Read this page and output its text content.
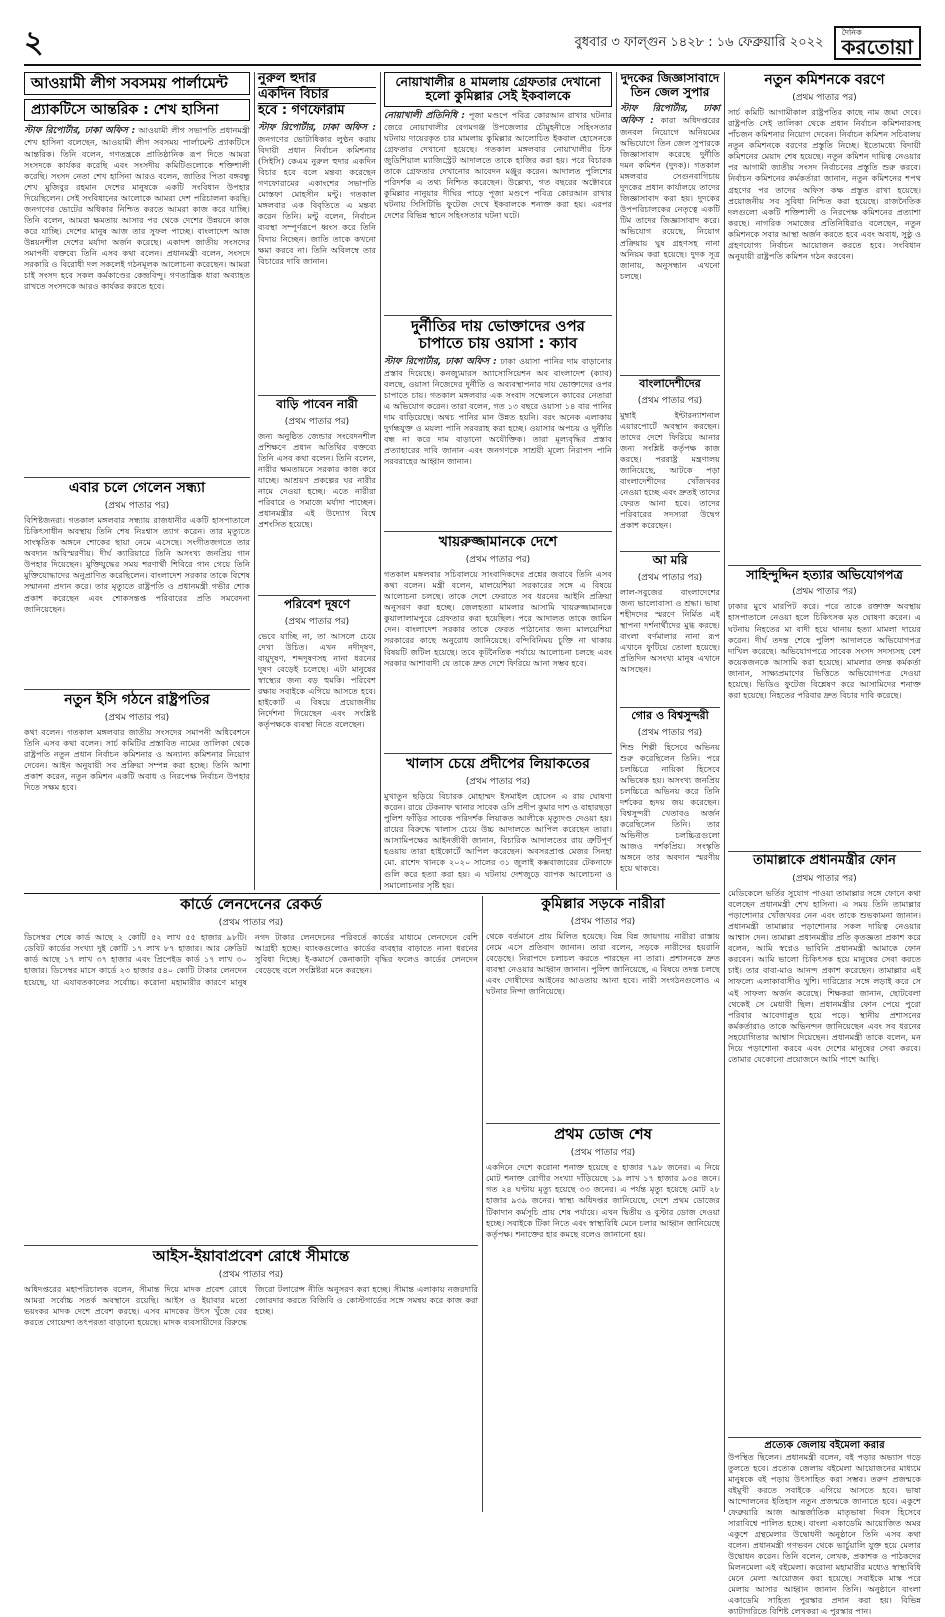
২	বুধবার ৩ ফাল্গুন ১৪২৮ : ১৬ ফেব্রুয়ারি ২০২২
দৈনিক
করতোয়া
আওয়ামী লীগ সবসময় পার্লামেন্ট
প্র্যাকটিসে আন্তরিক : শেখ হাসিনা
স্টাফ রিপোর্টার, ঢাকা অফিস : আওয়ামী লীগ সভাপতি প্রধানমন্ত্রী শেখ হাসিনা বলেছেন, আওয়ামী লীগ সবসময় পার্লামেন্ট প্র্যাকটিসে আন্তরিক। তিনি বলেন, গণতন্ত্রকে প্রাতিষ্ঠানিক রূপ দিতে আমরা সংসদকে কার্যকর করেছি এবং সংসদীয় কমিটিগুলোকে শক্তিশালী করেছি। সংসদ নেতা শেখ হাসিনা আরও বলেন, জাতির পিতা বঙ্গবন্ধু শেখ মুজিবুর রহমান দেশের মানুষকে একটি সংবিধান উপহার দিয়েছিলেন। সেই সংবিধানের আলোকে আমরা দেশ পরিচালনা করছি। জনগণের ভোটের অধিকার নিশ্চিত করতে আমরা কাজ করে যাচ্ছি। তিনি বলেন, আমরা ক্ষমতায় আসার পর থেকে দেশের উন্নয়নে কাজ করে যাচ্ছি। দেশের মানুষ আজ তার সুফল পাচ্ছে। বাংলাদেশ আজ উন্নয়নশীল দেশের মর্যাদা অর্জন করেছে। একাদশ জাতীয় সংসদের সমাপনী বক্তব্যে তিনি এসব কথা বলেন। প্রধানমন্ত্রী বলেন, সংসদে সরকারি ও বিরোধী দল সকলেই গঠনমূলক আলোচনা করেছেন। আমরা চাই সংসদ হবে সকল কর্মকাণ্ডের কেন্দ্রবিন্দু। গণতান্ত্রিক ধারা অব্যাহত রাখতে সংসদকে আরও কার্যকর করতে হবে।
এবার চলে গেলেন সন্ধ্যা
(প্রথম পাতার পর)
বিশিষ্টজনরা। গতকাল মঙ্গলবার সন্ধ্যায় রাজধানীর একটি হাসপাতালে চিকিৎসাধীন অবস্থায় তিনি শেষ নিঃশ্বাস ত্যাগ করেন। তার মৃত্যুতে সাংস্কৃতিক অঙ্গনে শোকের ছায়া নেমে এসেছে। সংগীতজগতে তার অবদান অবিস্মরণীয়। দীর্ঘ ক্যারিয়ারে তিনি অসংখ্য জনপ্রিয় গান উপহার দিয়েছেন। মুক্তিযুদ্ধের সময় শরণার্থী শিবিরে গান গেয়ে তিনি মুক্তিযোদ্ধাদের অনুপ্রাণিত করেছিলেন। বাংলাদেশ সরকার তাকে বিশেষ সম্মাননা প্রদান করে। তার মৃত্যুতে রাষ্ট্রপতি ও প্রধানমন্ত্রী গভীর শোক প্রকাশ করেছেন এবং শোকসন্তপ্ত পরিবারের প্রতি সমবেদনা জানিয়েছেন।
নতুন ইসি গঠনে রাষ্ট্রপতির
(প্রথম পাতার পর)
কথা বলেন। গতকাল মঙ্গলবার জাতীয় সংসদের সমাপনী অধিবেশনে তিনি এসব কথা বলেন। সার্চ কমিটির প্রস্তাবিত নামের তালিকা থেকে রাষ্ট্রপতি নতুন প্রধান নির্বাচন কমিশনার ও অন্যান্য কমিশনার নিয়োগ দেবেন। আইন অনুযায়ী সব প্রক্রিয়া সম্পন্ন করা হচ্ছে। তিনি আশা প্রকাশ করেন, নতুন কমিশন একটি অবাধ ও নিরপেক্ষ নির্বাচন উপহার দিতে সক্ষম হবে।
নুরুল হুদার
একদিন বিচার
হবে : গণফোরাম
স্টাফ রিপোর্টার, ঢাকা অফিস : জনগণের ভোটাধিকার লুণ্ঠন করায় বিদায়ী প্রধান নির্বাচন কমিশনার (সিইসি) কেএম নুরুল হুদার একদিন বিচার হবে বলে মন্তব্য করেছেন গণফোরামের একাংশের সভাপতি মোস্তফা মোহসীন মন্টু। গতকাল মঙ্গলবার এক বিবৃতিতে এ মন্তব্য করেন তিনি। মন্টু বলেন, নির্বাচন ব্যবস্থা সম্পূর্ণরূপে ধ্বংস করে তিনি বিদায় নিচ্ছেন। জাতি তাকে কখনো ক্ষমা করবে না। তিনি অবিলম্বে তার বিচারের দাবি জানান।
বাড়ি পাবেন নারী
(প্রথম পাতার পর)
জন্য অনুষ্ঠিত জেন্ডার সংবেদনশীল প্রশিক্ষণে প্রধান অতিথির বক্তব্যে তিনি এসব কথা বলেন। তিনি বলেন, নারীর ক্ষমতায়নে সরকার কাজ করে যাচ্ছে। আশ্রয়ণ প্রকল্পের ঘর নারীর নামে দেওয়া হচ্ছে। এতে নারীরা পরিবারে ও সমাজে মর্যাদা পাচ্ছেন। প্রধানমন্ত্রীর এই উদ্যোগ বিশ্বে প্রশংসিত হয়েছে।
পরিবেশ দূষণে
(প্রথম পাতার পর)
ভেবে যাচ্ছি না, তা আসলে চেয়ে দেখা উচিত। এখন নদীদূষণ, বায়ুদূষণ, শব্দদূষণসহ নানা ধরনের দূষণ বেড়েই চলেছে। এটা মানুষের স্বাস্থ্যের জন্য বড় হুমকি। পরিবেশ রক্ষায় সবাইকে এগিয়ে আসতে হবে। হাইকোর্ট এ বিষয়ে প্রয়োজনীয় নির্দেশনা দিয়েছেন এবং সংশ্লিষ্ট কর্তৃপক্ষকে ব্যবস্থা নিতে বলেছেন।
নোয়াখালীর ৪ মামলায় গ্রেফতার দেখানো
হলো কুমিল্লার সেই ইকবালকে
নোয়াখালী প্রতিনিধি : পূজা মণ্ডপে পবিত্র কোরআন রাখার ঘটনার জেরে নোয়াখালীর বেগমগঞ্জ উপজেলার চৌমুহনীতে সহিংসতার ঘটনায় দায়েরকৃত চার মামলায় কুমিল্লার আলোচিত ইকবাল হোসেনকে গ্রেফতার দেখানো হয়েছে। গতকাল মঙ্গলবার নোয়াখালীর চিফ জুডিশিয়াল ম্যাজিস্ট্রেট আদালতে তাকে হাজির করা হয়। পরে বিচারক তাকে গ্রেফতার দেখানোর আবেদন মঞ্জুর করেন। আদালত পুলিশের পরিদর্শক এ তথ্য নিশ্চিত করেছেন। উল্লেখ্য, গত বছরের অক্টোবরে কুমিল্লার নানুয়ার দীঘির পাড়ে পূজা মণ্ডপে পবিত্র কোরআন রাখার ঘটনায় সিসিটিভি ফুটেজ দেখে ইকবালকে শনাক্ত করা হয়। এরপর দেশের বিভিন্ন স্থানে সহিংসতার ঘটনা ঘটে।
দুর্নীতির দায় ভোক্তাদের ওপর
চাপাতে চায় ওয়াসা : ক্যাব
স্টাফ রিপোর্টার, ঢাকা অফিস : ঢাকা ওয়াসা পানির দাম বাড়ানোর প্রস্তাব দিয়েছে। কনজ্যুমারস অ্যাসোসিয়েশন অব বাংলাদেশ (ক্যাব) বলছে, ওয়াসা নিজেদের দুর্নীতি ও অব্যবস্থাপনার দায় ভোক্তাদের ওপর চাপাতে চায়। গতকাল মঙ্গলবার এক সংবাদ সম্মেলনে ক্যাবের নেতারা এ অভিযোগ করেন। তারা বলেন, গত ১৩ বছরে ওয়াসা ১৪ বার পানির দাম বাড়িয়েছে। অথচ পানির মান উন্নত হয়নি। বরং অনেক এলাকায় দুর্গন্ধযুক্ত ও ময়লা পানি সরবরাহ করা হচ্ছে। ওয়াসার অপচয় ও দুর্নীতি বন্ধ না করে দাম বাড়ানো অযৌক্তিক। তারা মূল্যবৃদ্ধির প্রস্তাব প্রত্যাহারের দাবি জানান এবং জনগণকে সাশ্রয়ী মূল্যে নিরাপদ পানি সরবরাহের আহ্বান জানান।
খায়রুজ্জামানকে দেশে
(প্রথম পাতার পর)
গতকাল মঙ্গলবার সচিবালয়ে সাংবাদিকদের প্রশ্নের জবাবে তিনি এসব কথা বলেন। মন্ত্রী বলেন, মালয়েশিয়া সরকারের সঙ্গে এ বিষয়ে আলোচনা চলছে। তাকে দেশে ফেরাতে সব ধরনের আইনি প্রক্রিয়া অনুসরণ করা হচ্ছে। জেলহত্যা মামলার আসামি খায়রুজ্জামানকে কুয়ালালামপুরে গ্রেফতার করা হয়েছিল। পরে আদালত তাকে জামিন দেন। বাংলাদেশ সরকার তাকে ফেরত পাঠানোর জন্য মালয়েশিয়া সরকারের কাছে অনুরোধ জানিয়েছে। বন্দিবিনিময় চুক্তি না থাকায় বিষয়টি জটিল হয়েছে। তবে কূটনৈতিক পর্যায়ে আলোচনা চলছে এবং সরকার আশাবাদী যে তাকে দ্রুত দেশে ফিরিয়ে আনা সম্ভব হবে।
খালাস চেয়ে প্রদীপের লিয়াকতের
(প্রথম পাতার পর)
মুখাতুন ছড়িয়ে বিচারক মোহাম্মদ ইসমাইল হোসেন এ রায় ঘোষণা করেন। রায়ে টেকনাফ থানার সাবেক ওসি প্রদীপ কুমার দাশ ও বাহারছড়া পুলিশ ফাঁড়ির সাবেক পরিদর্শক লিয়াকত আলীকে মৃত্যুদণ্ড দেওয়া হয়। রায়ের বিরুদ্ধে খালাস চেয়ে উচ্চ আদালতে আপিল করেছেন তারা। আসামিপক্ষের আইনজীবী জানান, বিচারিক আদালতের রায় ত্রুটিপূর্ণ হওয়ায় তারা হাইকোর্টে আপিল করেছেন। অবসরপ্রাপ্ত মেজর সিনহা মো. রাশেদ খানকে ২০২০ সালের ৩১ জুলাই কক্সবাজারের টেকনাফে গুলি করে হত্যা করা হয়। এ ঘটনায় দেশজুড়ে ব্যাপক আলোচনা ও সমালোচনার সৃষ্টি হয়।
দুদকের জিজ্ঞাসাবাদে
তিন জেল সুপার
স্টাফ রিপোর্টার, ঢাকা অফিস : কারা অধিদপ্তরের জনবল নিয়োগে অনিয়মের অভিযোগে তিন জেল সুপারকে জিজ্ঞাসাবাদ করেছে দুর্নীতি দমন কমিশন (দুদক)। গতকাল মঙ্গলবার সেগুনবাগিচায় দুদকের প্রধান কার্যালয়ে তাদের জিজ্ঞাসাবাদ করা হয়। দুদকের উপপরিচালকের নেতৃত্বে একটি টিম তাদের জিজ্ঞাসাবাদ করে। অভিযোগ রয়েছে, নিয়োগ প্রক্রিয়ায় ঘুষ গ্রহণসহ নানা অনিয়ম করা হয়েছে। দুদক সূত্র জানায়, অনুসন্ধান এখনো চলছে।
বাংলাদেশীদের
(প্রথম পাতার পর)
মুম্বাই ইন্টারন্যাশনাল এয়ারপোর্টে অবস্থান করছেন। তাদের দেশে ফিরিয়ে আনার জন্য সংশ্লিষ্ট কর্তৃপক্ষ কাজ করছে। পররাষ্ট্র মন্ত্রণালয় জানিয়েছে, আটকে পড়া বাংলাদেশীদের খোঁজখবর নেওয়া হচ্ছে এবং দ্রুতই তাদের ফেরত আনা হবে। তাদের পরিবারের সদস্যরা উদ্বেগ প্রকাশ করেছেন।
আ মরি
(প্রথম পাতার পর)
লাল-সবুজের বাংলাদেশের জন্য ভালোবাসা ও শ্রদ্ধা। ভাষা শহীদদের স্মরণে নির্মিত এই স্থাপনা দর্শনার্থীদের মুগ্ধ করছে। বাংলা বর্ণমালার নানা রূপ এখানে ফুটিয়ে তোলা হয়েছে। প্রতিদিন অসংখ্য মানুষ এখানে আসছেন।
গোর ও বিশ্বসুন্দরী
(প্রথম পাতার পর)
শিশু শিল্পী হিসেবে অভিনয় শুরু করেছিলেন তিনি। পরে চলচ্চিত্রে নায়িকা হিসেবে অভিষেক হয়। অসংখ্য জনপ্রিয় চলচ্চিত্রে অভিনয় করে তিনি দর্শকের হৃদয় জয় করেছেন। বিশ্বসুন্দরী খেতাবও অর্জন করেছিলেন তিনি। তার অভিনীত চলচ্চিত্রগুলো আজও দর্শকপ্রিয়। সংস্কৃতি অঙ্গনে তার অবদান স্মরণীয় হয়ে থাকবে।
নতুন কমিশনকে বরণে
(প্রথম পাতার পর)
সার্চ কমিটি আগামীকাল রাষ্ট্রপতির কাছে নাম জমা দেবে। রাষ্ট্রপতি সেই তালিকা থেকে প্রধান নির্বাচন কমিশনারসহ পাঁচজন কমিশনার নিয়োগ দেবেন। নির্বাচন কমিশন সচিবালয় নতুন কমিশনকে বরণের প্রস্তুতি নিচ্ছে। ইতোমধ্যে বিদায়ী কমিশনের মেয়াদ শেষ হয়েছে। নতুন কমিশন দায়িত্ব নেওয়ার পর আগামী জাতীয় সংসদ নির্বাচনের প্রস্তুতি শুরু করবে। নির্বাচন কমিশনের কর্মকর্তারা জানান, নতুন কমিশনের শপথ গ্রহণের পর তাদের অফিস কক্ষ প্রস্তুত রাখা হয়েছে। প্রয়োজনীয় সব সুবিধা নিশ্চিত করা হয়েছে। রাজনৈতিক দলগুলো একটি শক্তিশালী ও নিরপেক্ষ কমিশনের প্রত্যাশা করছে। নাগরিক সমাজের প্রতিনিধিরাও বলেছেন, নতুন কমিশনকে সবার আস্থা অর্জন করতে হবে এবং অবাধ, সুষ্ঠু ও গ্রহণযোগ্য নির্বাচন আয়োজন করতে হবে। সংবিধান অনুযায়ী রাষ্ট্রপতি কমিশন গঠন করবেন।
সাহিন্দুদ্দিন হত্যার অভিযোগপত্র
(প্রথম পাতার পর)
ঢাকার মুখে মারপিট করে। পরে তাকে রক্তাক্ত অবস্থায় হাসপাতালে নেওয়া হলে চিকিৎসক মৃত ঘোষণা করেন। এ ঘটনায় নিহতের মা বাদী হয়ে থানায় হত্যা মামলা দায়ের করেন। দীর্ঘ তদন্ত শেষে পুলিশ আদালতে অভিযোগপত্র দাখিল করেছে। অভিযোগপত্রে সাবেক সংসদ সদস্যসহ বেশ কয়েকজনকে আসামি করা হয়েছে। মামলার তদন্ত কর্মকর্তা জানান, সাক্ষ্যপ্রমাণের ভিত্তিতে অভিযোগপত্র দেওয়া হয়েছে। ভিডিও ফুটেজ বিশ্লেষণ করে আসামিদের শনাক্ত করা হয়েছে। নিহতের পরিবার দ্রুত বিচার দাবি করেছে।
তামাল্লাকে প্রধানমন্ত্রীর ফোন
(প্রথম পাতার পর)
মেডিকেলে ভর্তির সুযোগ পাওয়া তামাল্লার সঙ্গে ফোনে কথা বলেছেন প্রধানমন্ত্রী শেখ হাসিনা। এ সময় তিনি তামাল্লার পড়াশোনার খোঁজখবর নেন এবং তাকে শুভকামনা জানান। প্রধানমন্ত্রী তামাল্লার পড়াশোনার সকল দায়িত্ব নেওয়ার আশ্বাস দেন। তামাল্লা প্রধানমন্ত্রীর প্রতি কৃতজ্ঞতা প্রকাশ করে বলেন, আমি স্বপ্নেও ভাবিনি প্রধানমন্ত্রী আমাকে ফোন করবেন। আমি ভালো চিকিৎসক হয়ে মানুষের সেবা করতে চাই। তার বাবা-মাও আনন্দ প্রকাশ করেছেন। তামাল্লার এই সাফল্যে এলাকাবাসীও খুশি। দারিদ্র্যের সঙ্গে লড়াই করে সে এই সাফল্য অর্জন করেছে। শিক্ষকরা জানান, ছোটবেলা থেকেই সে মেধাবী ছিল। প্রধানমন্ত্রীর ফোন পেয়ে পুরো পরিবার আবেগাপ্লুত হয়ে পড়ে। স্থানীয় প্রশাসনের কর্মকর্তারাও তাকে অভিনন্দন জানিয়েছেন এবং সব ধরনের সহযোগিতার আশ্বাস দিয়েছেন। প্রধানমন্ত্রী তাকে বলেন, মন দিয়ে পড়াশোনা করবে এবং দেশের মানুষের সেবা করবে। তোমার যেকোনো প্রয়োজনে আমি পাশে আছি।
কার্ডে লেনদেনের রেকর্ড
(প্রথম পাতার পর)
ডিসেম্বর শেষে কার্ড আছে ২ কোটি ৫২ লাখ ৫৫ হাজার ৯৮টি। ডেবিট কার্ডের সংখ্যা দুই কোটি ১৭ লাখ ৮৭ হাজার। আর ক্রেডিট কার্ড আছে ১৭ লাখ ৩৭ হাজার এবং প্রিপেইড কার্ড ১৭ লাখ ৩০ হাজার। ডিসেম্বর মাসে কার্ডে ২৩ হাজার ৫৪০ কোটি টাকার লেনদেন হয়েছে, যা এযাবতকালের সর্বোচ্চ। করোনা মহামারীর কারণে মানুষ নগদ টাকার লেনদেনের পরিবর্তে কার্ডের মাধ্যমে লেনদেনে বেশি আগ্রহী হচ্ছে। ব্যাংকগুলোও কার্ডের ব্যবহার বাড়াতে নানা ধরনের সুবিধা দিচ্ছে। ই-কমার্সে কেনাকাটা বৃদ্ধির ফলেও কার্ডের লেনদেন বেড়েছে বলে সংশ্লিষ্টরা মনে করছেন।
আইস-ইয়াবাপ্রবেশ রোধে সীমান্তে
(প্রথম পাতার পর)
অধিদপ্তরের মহাপরিচালক বলেন, সীমান্ত দিয়ে মাদক প্রবেশ রোধে আমরা সর্বোচ্চ সতর্ক অবস্থানে রয়েছি। আইস ও ইয়াবার মতো ভয়ংকর মাদক দেশে প্রবেশ করছে। এসব মাদকের উৎস খুঁজে বের করতে গোয়েন্দা তৎপরতা বাড়ানো হয়েছে। মাদক ব্যবসায়ীদের বিরুদ্ধে জিরো টলারেন্স নীতি অনুসরণ করা হচ্ছে। সীমান্ত এলাকায় নজরদারি জোরদার করতে বিজিবি ও কোস্টগার্ডের সঙ্গে সমন্বয় করে কাজ করা হচ্ছে।
কুমিল্লার সড়কে নারীরা
(প্রথম পাতার পর)
থেকে বর্তমানে প্রায় মিলিত হয়েছে। বিন্ন বিন্ন জায়গায় নারীরা রাস্তায় নেমে এসে প্রতিবাদ জানান। তারা বলেন, সড়কে নারীদের হয়রানি বেড়েছে। নিরাপদে চলাচল করতে পারছেন না তারা। প্রশাসনকে দ্রুত ব্যবস্থা নেওয়ার আহ্বান জানান। পুলিশ জানিয়েছে, এ বিষয়ে তদন্ত চলছে এবং দোষীদের আইনের আওতায় আনা হবে। নারী সংগঠনগুলোও এ ঘটনার নিন্দা জানিয়েছে।
প্রথম ডোজ শেষ
(প্রথম পাতার পর)
একদিনে দেশে করোনা শনাক্ত হয়েছে ৫ হাজার ৭৯৮ জনের। এ নিয়ে মোট শনাক্ত রোগীর সংখ্যা দাঁড়িয়েছে ১৯ লাখ ১৭ হাজার ৯৩৪ জনে। গত ২৪ ঘণ্টায় মৃত্যু হয়েছে ৩৩ জনের। এ পর্যন্ত মৃত্যু হয়েছে মোট ২৮ হাজার ৯৩৯ জনের। স্বাস্থ্য অধিদপ্তর জানিয়েছে, দেশে প্রথম ডোজের টিকাদান কর্মসূচি প্রায় শেষ পর্যায়ে। এখন দ্বিতীয় ও বুস্টার ডোজ দেওয়া হচ্ছে। সবাইকে টিকা নিতে এবং স্বাস্থ্যবিধি মেনে চলার আহ্বান জানিয়েছে কর্তৃপক্ষ। শনাক্তের হার কমছে বলেও জানানো হয়।
প্রত্যেক জেলায় বইমেলা করার
উপস্থিত ছিলেন। প্রধানমন্ত্রী বলেন, বই পড়ার অভ্যাস গড়ে তুলতে হবে। প্রত্যেক জেলায় বইমেলা আয়োজনের মাধ্যমে মানুষকে বই পড়ায় উৎসাহিত করা সম্ভব। তরুণ প্রজন্মকে বইমুখী করতে সবাইকে এগিয়ে আসতে হবে। ভাষা আন্দোলনের ইতিহাস নতুন প্রজন্মকে জানাতে হবে। একুশে ফেব্রুয়ারি আজ আন্তর্জাতিক মাতৃভাষা দিবস হিসেবে সারাবিশ্বে পালিত হচ্ছে। বাংলা একাডেমি আয়োজিত অমর একুশে গ্রন্থমেলার উদ্বোধনী অনুষ্ঠানে তিনি এসব কথা বলেন। প্রধানমন্ত্রী গণভবন থেকে ভার্চুয়ালি যুক্ত হয়ে মেলার উদ্বোধন করেন। তিনি বলেন, লেখক, প্রকাশক ও পাঠকদের মিলনমেলা এই বইমেলা। করোনা মহামারীর মধ্যেও স্বাস্থ্যবিধি মেনে মেলা আয়োজন করা হয়েছে। সবাইকে মাস্ক পরে মেলায় আসার আহ্বান জানান তিনি। অনুষ্ঠানে বাংলা একাডেমি সাহিত্য পুরস্কার প্রদান করা হয়। বিভিন্ন ক্যাটাগরিতে বিশিষ্ট লেখকরা এ পুরস্কার পান।
